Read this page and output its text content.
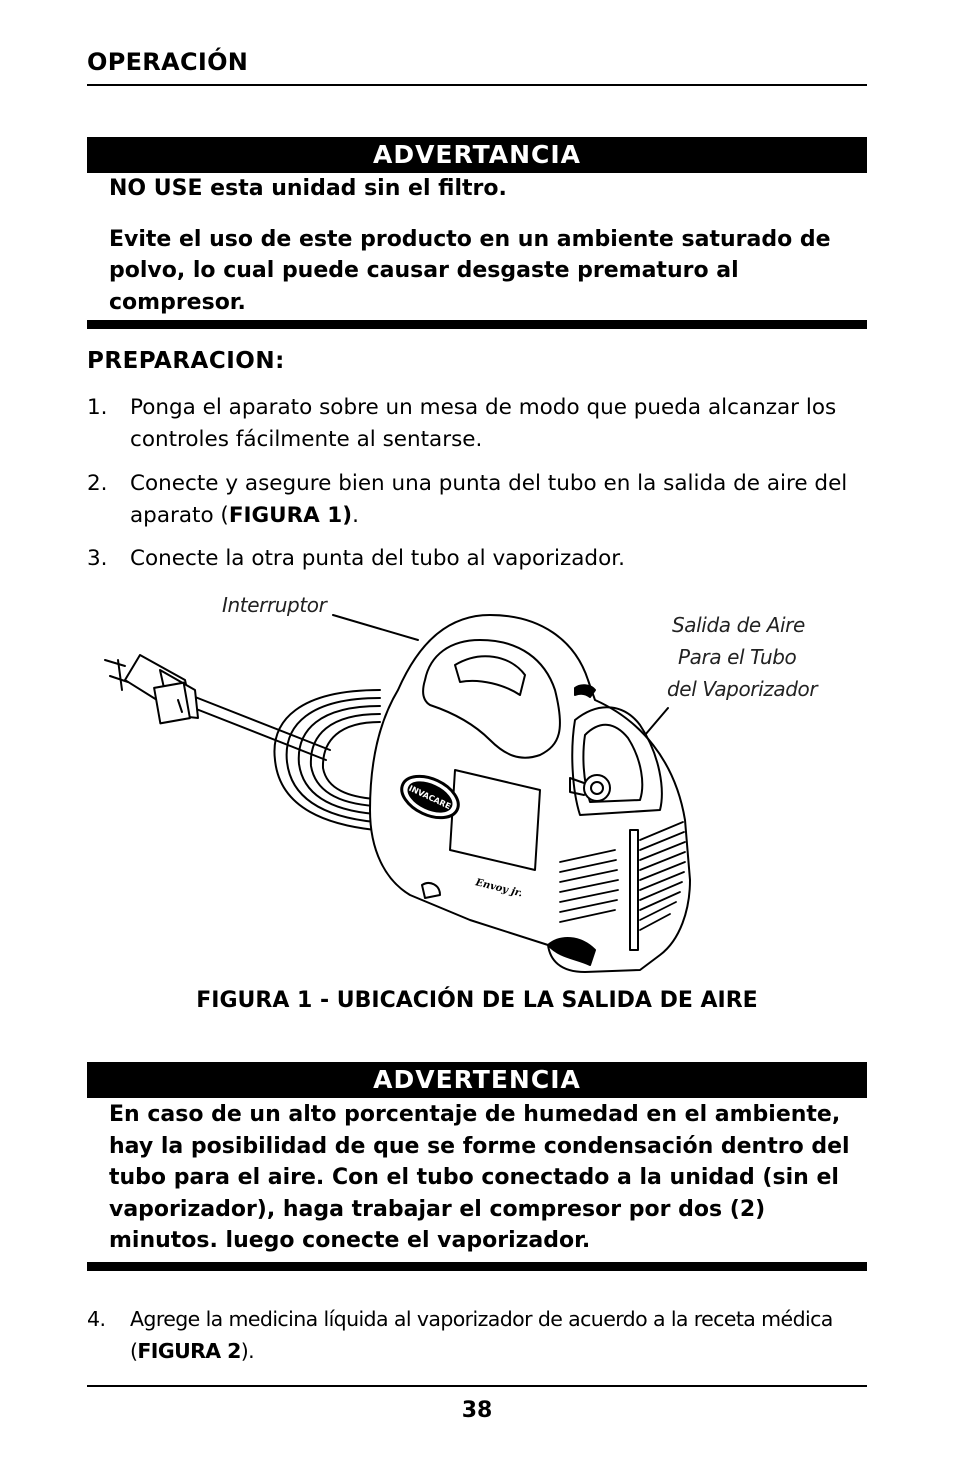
OPERACIÓN
ADVERTANCIA

NO USE esta unidad sin el filtro.

Evite el uso de este producto en un ambiente saturado de polvo, lo cual puede causar desgaste prematuro al compresor.

PREPARACION:
1. Ponga el aparato sobre un mesa de modo que pueda alcanzar los controles fácilmente al sentarse.
2. Conecte y asegure bien una punta del tubo en la salida de aire del aparato (FIGURA 1).
3. Conecte la otra punta del tubo al vaporizador.
Interruptor
Salida de Aire
Para el Tubo
del Vaporizador
INVACARE
Envoy jr.
FIGURA 1 - UBICACIÓN DE LA SALIDA DE AIRE
ADVERTENCIA
En caso de un alto porcentaje de humedad en el ambiente, hay la posibilidad de que se forme condensación dentro del tubo para el aire. Con el tubo conectado a la unidad (sin el vaporizador), haga trabajar el compresor por dos (2) minutos. luego conecte el vaporizador.
4. Agrege la medicina líquida al vaporizador de acuerdo a la receta médica (FIGURA 2).
38
